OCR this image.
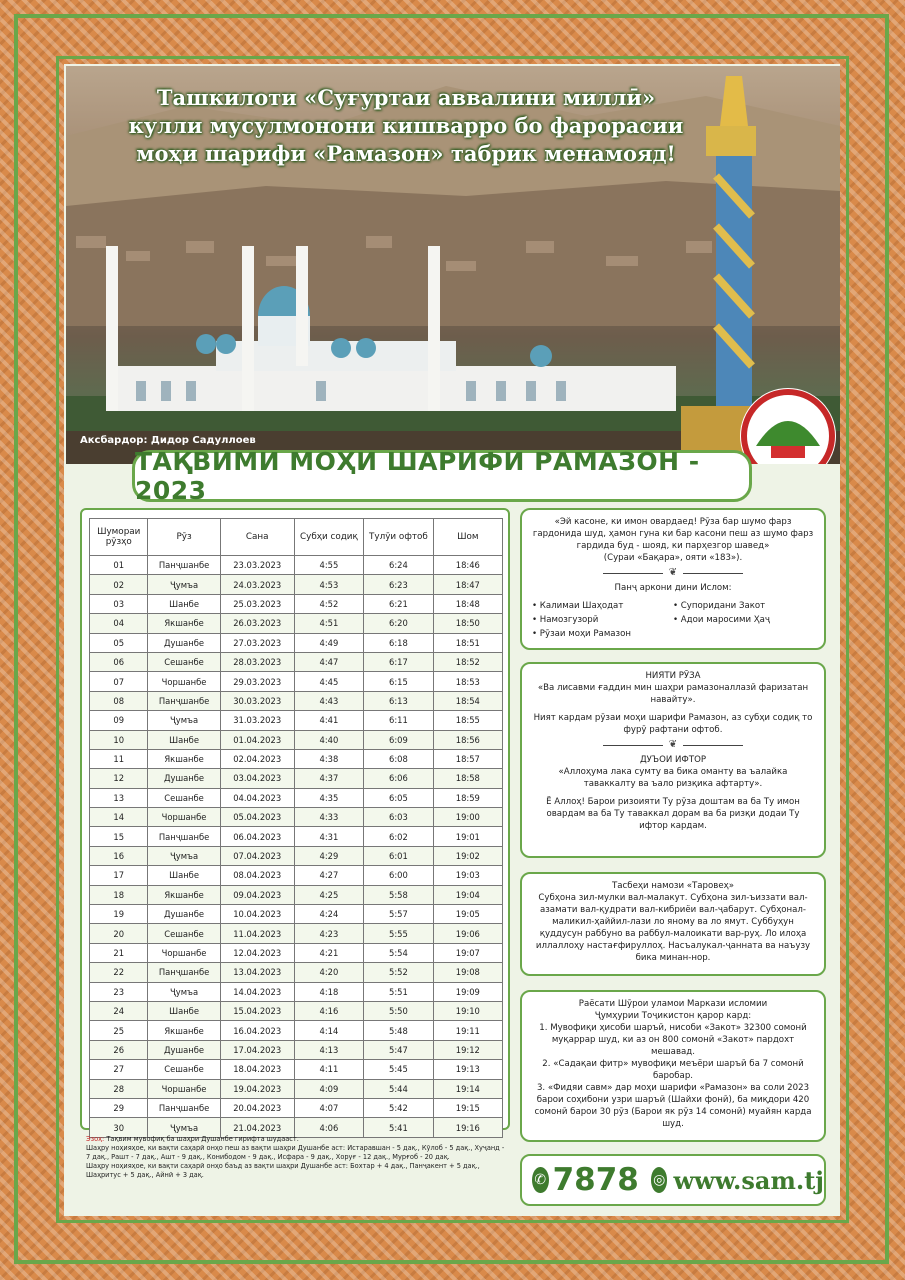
Ташкилоти «Суғуртаи аввалини миллӣ»
кулли мусулмонони кишварро бо фарорасии
моҳи шарифи «Рамазон» табрик менамояд!
Аксбардор: Дидор Садуллоев
ТАҚВИМИ МОҲИ ШАРИФИ РАМАЗОН - 2023
Шумораи рӯзҳо	Рӯз	Сана	Субҳи содиқ	Тулӯи офтоб	Шом
01	Панҷшанбе	23.03.2023	4:55	6:24	18:46
02	Ҷумъа	24.03.2023	4:53	6:23	18:47
03	Шанбе	25.03.2023	4:52	6:21	18:48
04	Якшанбе	26.03.2023	4:51	6:20	18:50
05	Душанбе	27.03.2023	4:49	6:18	18:51
06	Сешанбе	28.03.2023	4:47	6:17	18:52
07	Чоршанбе	29.03.2023	4:45	6:15	18:53
08	Панҷшанбе	30.03.2023	4:43	6:13	18:54
09	Ҷумъа	31.03.2023	4:41	6:11	18:55
10	Шанбе	01.04.2023	4:40	6:09	18:56
11	Якшанбе	02.04.2023	4:38	6:08	18:57
12	Душанбе	03.04.2023	4:37	6:06	18:58
13	Сешанбе	04.04.2023	4:35	6:05	18:59
14	Чоршанбе	05.04.2023	4:33	6:03	19:00
15	Панҷшанбе	06.04.2023	4:31	6:02	19:01
16	Ҷумъа	07.04.2023	4:29	6:01	19:02
17	Шанбе	08.04.2023	4:27	6:00	19:03
18	Якшанбе	09.04.2023	4:25	5:58	19:04
19	Душанбе	10.04.2023	4:24	5:57	19:05
20	Сешанбе	11.04.2023	4:23	5:55	19:06
21	Чоршанбе	12.04.2023	4:21	5:54	19:07
22	Панҷшанбе	13.04.2023	4:20	5:52	19:08
23	Ҷумъа	14.04.2023	4:18	5:51	19:09
24	Шанбе	15.04.2023	4:16	5:50	19:10
25	Якшанбе	16.04.2023	4:14	5:48	19:11
26	Душанбе	17.04.2023	4:13	5:47	19:12
27	Сешанбе	18.04.2023	4:11	5:45	19:13
28	Чоршанбе	19.04.2023	4:09	5:44	19:14
29	Панҷшанбе	20.04.2023	4:07	5:42	19:15
30	Ҷумъа	21.04.2023	4:06	5:41	19:16
Эзоҳ: Тақвим мувофиқ ба шаҳри Душанбе гирифта шудааст.
Шаҳру ноҳияҳое, ки вақти саҳарӣ онҳо пеш аз вақти шаҳри Душанбе аст: Истаравшан - 5 дақ., Кӯлоб - 5 дақ., Хуҷанд - 7 дақ., Рашт - 7 дақ., Ашт - 9 дақ., Конибодом - 9 дақ., Исфара - 9 дақ., Хоруғ - 12 дақ., Мурғоб - 20 дақ.
Шаҳру ноҳияҳое, ки вақти саҳарӣ онҳо баъд аз вақти шаҳри Душанбе аст: Бохтар + 4 дақ., Панҷакент + 5 дақ., Шаҳритус + 5 дақ., Айнӣ + 3 дақ.

«Эй касоне, ки имон овардаед! Рӯза бар шумо фарз гардонида шуд, ҳамон гуна ки бар касони пеш аз шумо фарз гардида буд - шояд, ки парҳезгор шавед»

(Сураи «Бақара», ояти «183»).

❦

Панҷ аркони дини Ислом:

• Калимаи Шаҳодат	• Супоридани Закот
• Намозгузорӣ	• Адои маросими Ҳаҷ
• Рӯзаи моҳи Рамазон

НИЯТИ РӮЗА

«Ва лисавми ғаддин мин шаҳри рамазоналлазӣ фаризатан навайту».

Ният кардам рӯзаи моҳи шарифи Рамазон, аз субҳи содиқ то фурӯ рафтани офтоб.

❦

ДУЪОИ ИФТОР

«Аллоҳума лака сумту ва бика оманту ва ъалайка таваккалту ва ъало ризқика афтарту».

Ё Аллоҳ! Барои ризоияти Ту рӯза доштам ва ба Ту имон овардам ва ба Ту таваккал дорам ва ба ризқи додаи Ту ифтор кардам.

Тасбеҳи намози «Таровеҳ»

Субҳона зил-мулки вал-малакут. Субҳона зил-ъиззати вал-азамати вал-қудрати вал-кибриёи вал-ҷабарут. Субҳонал-маликил-ҳаййил-лази ло яному ва ло ямут. Суббуҳун қуддусун раббуно ва раббул-малоикати вар-руҳ. Ло илоҳа иллаллоҳу настағфируллоҳ. Насъалукал-ҷанната ва наъузу бика минан-нор.

Раёсати Шӯрои уламои Маркази исломии

Ҷумҳурии Тоҷикистон қарор кард:

1. Мувофиқи ҳисоби шаръӣ, нисоби «Закот» 32300 сомонӣ муқаррар шуд, ки аз он 800 сомонӣ «Закот» пардохт мешавад.

2. «Садақаи фитр» мувофиқи меъёри шаръӣ ба 7 сомонӣ баробар.

3. «Фидяи савм» дар моҳи шарифи «Рамазон» ва соли 2023 барои соҳибони узри шаръӣ (Шайхи фонӣ), ба миқдори 420 сомонӣ барои 30 рӯз (Барои як рӯз 14 сомонӣ) муайян карда шуд.

✆ 7878 ◎ www.sam.tj
